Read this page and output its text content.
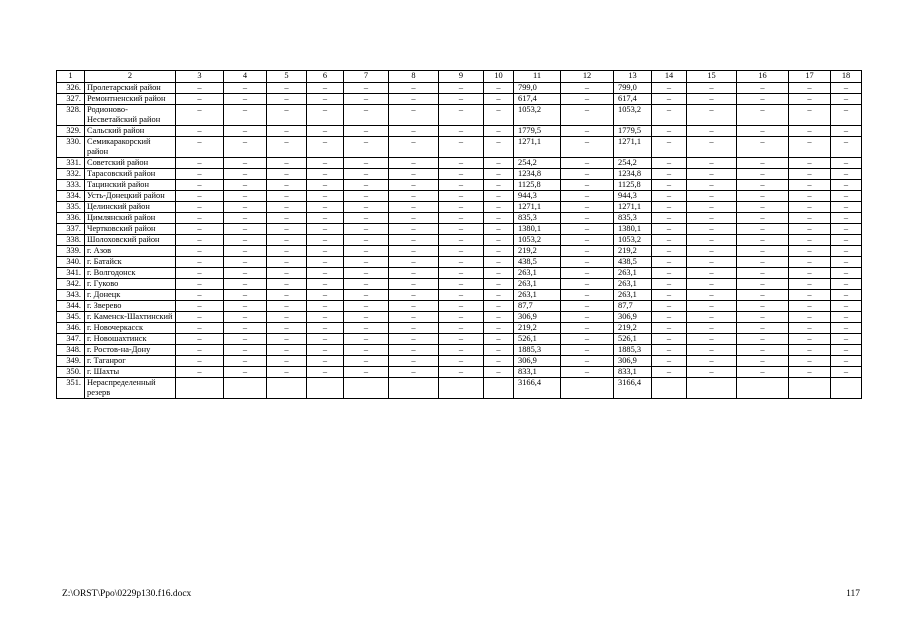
1	2	3	4	5	6	7	8	9	10	11	12	13	14	15	16	17	18
326.	Пролетарский район	–	–	–	–	–	–	–	–	799,0	–	799,0	–	–	–	–	–
327.	Ремонтненский район	–	–	–	–	–	–	–	–	617,4	–	617,4	–	–	–	–	–
328.	Родионово-Несветайский район	–	–	–	–	–	–	–	–	1053,2	–	1053,2	–	–	–	–	–
329.	Сальский район	–	–	–	–	–	–	–	–	1779,5	–	1779,5	–	–	–	–	–
330.	Семикаракорский район	–	–	–	–	–	–	–	–	1271,1	–	1271,1	–	–	–	–	–
331.	Советский район	–	–	–	–	–	–	–	–	254,2	–	254,2	–	–	–	–	–
332.	Тарасовский район	–	–	–	–	–	–	–	–	1234,8	–	1234,8	–	–	–	–	–
333.	Тацинский район	–	–	–	–	–	–	–	–	1125,8	–	1125,8	–	–	–	–	–
334.	Усть-Донецкий район	–	–	–	–	–	–	–	–	944,3	–	944,3	–	–	–	–	–
335.	Целинский район	–	–	–	–	–	–	–	–	1271,1	–	1271,1	–	–	–	–	–
336.	Цимлянский район	–	–	–	–	–	–	–	–	835,3	–	835,3	–	–	–	–	–
337.	Чертковский район	–	–	–	–	–	–	–	–	1380,1	–	1380,1	–	–	–	–	–
338.	Шолоховский район	–	–	–	–	–	–	–	–	1053,2	–	1053,2	–	–	–	–	–
339.	г. Азов	–	–	–	–	–	–	–	–	219,2	–	219,2	–	–	–	–	–
340.	г. Батайск	–	–	–	–	–	–	–	–	438,5	–	438,5	–	–	–	–	–
341.	г. Волгодонск	–	–	–	–	–	–	–	–	263,1	–	263,1	–	–	–	–	–
342.	г. Гуково	–	–	–	–	–	–	–	–	263,1	–	263,1	–	–	–	–	–
343.	г. Донецк	–	–	–	–	–	–	–	–	263,1	–	263,1	–	–	–	–	–
344.	г. Зверево	–	–	–	–	–	–	–	–	87,7	–	87,7	–	–	–	–	–
345.	г. Каменск-Шахтинский	–	–	–	–	–	–	–	–	306,9	–	306,9	–	–	–	–	–
346.	г. Новочеркасск	–	–	–	–	–	–	–	–	219,2	–	219,2	–	–	–	–	–
347.	г. Новошахтинск	–	–	–	–	–	–	–	–	526,1	–	526,1	–	–	–	–	–
348.	г. Ростов-на-Дону	–	–	–	–	–	–	–	–	1885,3	–	1885,3	–	–	–	–	–
349.	г. Таганрог	–	–	–	–	–	–	–	–	306,9	–	306,9	–	–	–	–	–
350.	г. Шахты	–	–	–	–	–	–	–	–	833,1	–	833,1	–	–	–	–	–
351.	Нераспределенный резерв									3166,4		3166,4					
Z:\ORST\Ppo\0229p130.f16.docx	117
